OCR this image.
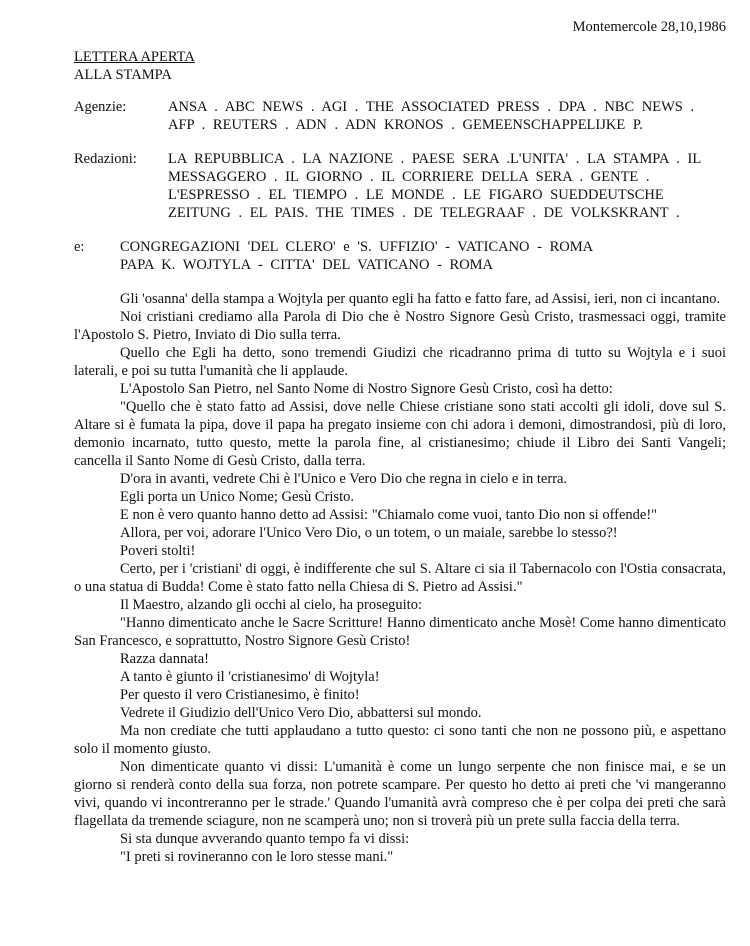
Montemercole 28,10,1986

LETTERA APERTA
ALLA STAMPA
Agenzie:	ANSA . ABC NEWS . AGI . THE ASSOCIATED PRESS . DPA . NBC NEWS . AFP . REUTERS . ADN . ADN KRONOS . GEMEENSCHAPPELIJKE P.
Redazioni:	LA REPUBBLICA . LA NAZIONE . PAESE SERA .L'UNITA' . LA STAMPA . IL MESSAGGERO . IL GIORNO . IL CORRIERE DELLA SERA . GENTE . L'ESPRESSO . EL TIEMPO . LE MONDE . LE FIGARO SUEDDEUTSCHE ZEITUNG . EL PAIS. THE TIMES . DE TELEGRAAF . DE VOLKSKRANT .
e:	CONGREGAZIONI 'DEL CLERO' e 'S. UFFIZIO' - VATICANO - ROMA
PAPA K. WOJTYLA - CITTA' DEL VATICANO - ROMA

Gli 'osanna' della stampa a Wojtyla per quanto egli ha fatto e fatto fare, ad Assisi, ieri, non ci incantano.

Noi cristiani crediamo alla Parola di Dio che è Nostro Signore Gesù Cristo, trasmessaci oggi, tramite l'Apostolo S. Pietro, Inviato di Dio sulla terra.

Quello che Egli ha detto, sono tremendi Giudizi che ricadranno prima di tutto su Wojtyla e i suoi laterali, e poi su tutta l'umanità che li applaude.

L'Apostolo San Pietro, nel Santo Nome di Nostro Signore Gesù Cristo, così ha detto:

"Quello che è stato fatto ad Assisi, dove nelle Chiese cristiane sono stati accolti gli idoli, dove sul S. Altare si è fumata la pipa, dove il papa ha pregato insieme con chi adora i demoni, dimostrandosi, più di loro, demonio incarnato, tutto questo, mette la parola fine, al cristianesimo; chiude il Libro dei Santi Vangeli; cancella il Santo Nome di Gesù Cristo, dalla terra.

D'ora in avanti, vedrete Chi è l'Unico e Vero Dio che regna in cielo e in terra.

Egli porta un Unico Nome; Gesù Cristo.

E non è vero quanto hanno detto ad Assisi: "Chiamalo come vuoi, tanto Dio non si offende!"

Allora, per voi, adorare l'Unico Vero Dio, o un totem, o un maiale, sarebbe lo stesso?!

Poveri stolti!

Certo, per i 'cristiani' di oggi, è indifferente che sul S. Altare ci sia il Tabernacolo con l'Ostia consacrata, o una statua di Budda! Come è stato fatto nella Chiesa di S. Pietro ad Assisi."

Il Maestro, alzando gli occhi al cielo, ha proseguito:

"Hanno dimenticato anche le Sacre Scritture! Hanno dimenticato anche Mosè! Come hanno dimenticato San Francesco, e soprattutto, Nostro Signore Gesù Cristo!

Razza dannata!

A tanto è giunto il 'cristianesimo' di Wojtyla!

Per questo il vero Cristianesimo, è finito!

Vedrete il Giudizio dell'Unico Vero Dio, abbattersi sul mondo.

Ma non crediate che tutti applaudano a tutto questo: ci sono tanti che non ne possono più, e aspettano solo il momento giusto.

Non dimenticate quanto vi dissi: L'umanità è come un lungo serpente che non finisce mai, e se un giorno si renderà conto della sua forza, non potrete scampare. Per questo ho detto ai preti che 'vi mangeranno vivi, quando vi incontreranno per le strade.' Quando l'umanità avrà compreso che è per colpa dei preti che sarà flagellata da tremende sciagure, non ne scamperà uno; non si troverà più un prete sulla faccia della terra.

Si sta dunque avverando quanto tempo fa vi dissi:

"I preti si rovineranno con le loro stesse mani."
